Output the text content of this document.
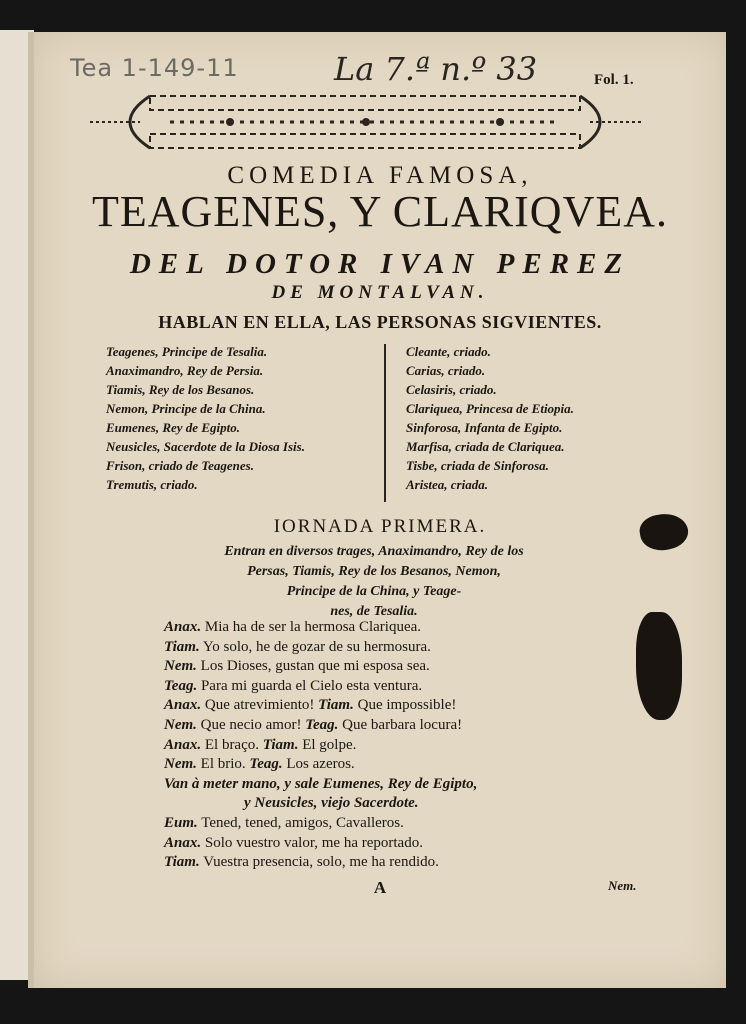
Tea 1-149-11	La 7.ª n.º 33	Fol. 1.
COMEDIA FAMOSA,
TEAGENES, Y CLARIQVEA.
DEL DOTOR IVAN PEREZ
DE MONTALVAN.
HABLAN EN ELLA, LAS PERSONAS SIGVIENTES.
Teagenes, Principe de Tesalia.
Anaximandro, Rey de Persia.
Tiamis, Rey de los Besanos.
Nemon, Principe de la China.
Eumenes, Rey de Egipto.
Neusicles, Sacerdote de la Diosa Isis.
Frison, criado de Teagenes.
Tremutis, criado.
Cleante, criado.
Carias, criado.
Celasiris, criado.
Clariquea, Princesa de Etiopia.
Sinforosa, Infanta de Egipto.
Marfisa, criada de Clariquea.
Tisbe, criada de Sinforosa.
Aristea, criada.
IORNADA PRIMERA.
Entran en diversos trages, Anaximandro, Rey de los
Persas, Tiamis, Rey de los Besanos, Nemon,
Principe de la China, y Teage-
nes, de Tesalia.
Anax. Mia ha de ser la hermosa Clariquea.
Tiam. Yo solo, he de gozar de su hermosura.
Nem. Los Dioses, gustan que mi esposa sea.
Teag. Para mi guarda el Cielo esta ventura.
Anax. Que atrevimiento! Tiam. Que impossible!
Nem. Que necio amor! Teag. Que barbara locura!
Anax. El braço. Tiam. El golpe.
Nem. El brio. Teag. Los azeros.
Van à meter mano, y sale Eumenes, Rey de Egipto,
y Neusicles, viejo Sacerdote.
Eum. Tened, tened, amigos, Cavalleros.
Anax. Solo vuestro valor, me ha reportado.
Tiam. Vuestra presencia, solo, me ha rendido.
A	Nem.
